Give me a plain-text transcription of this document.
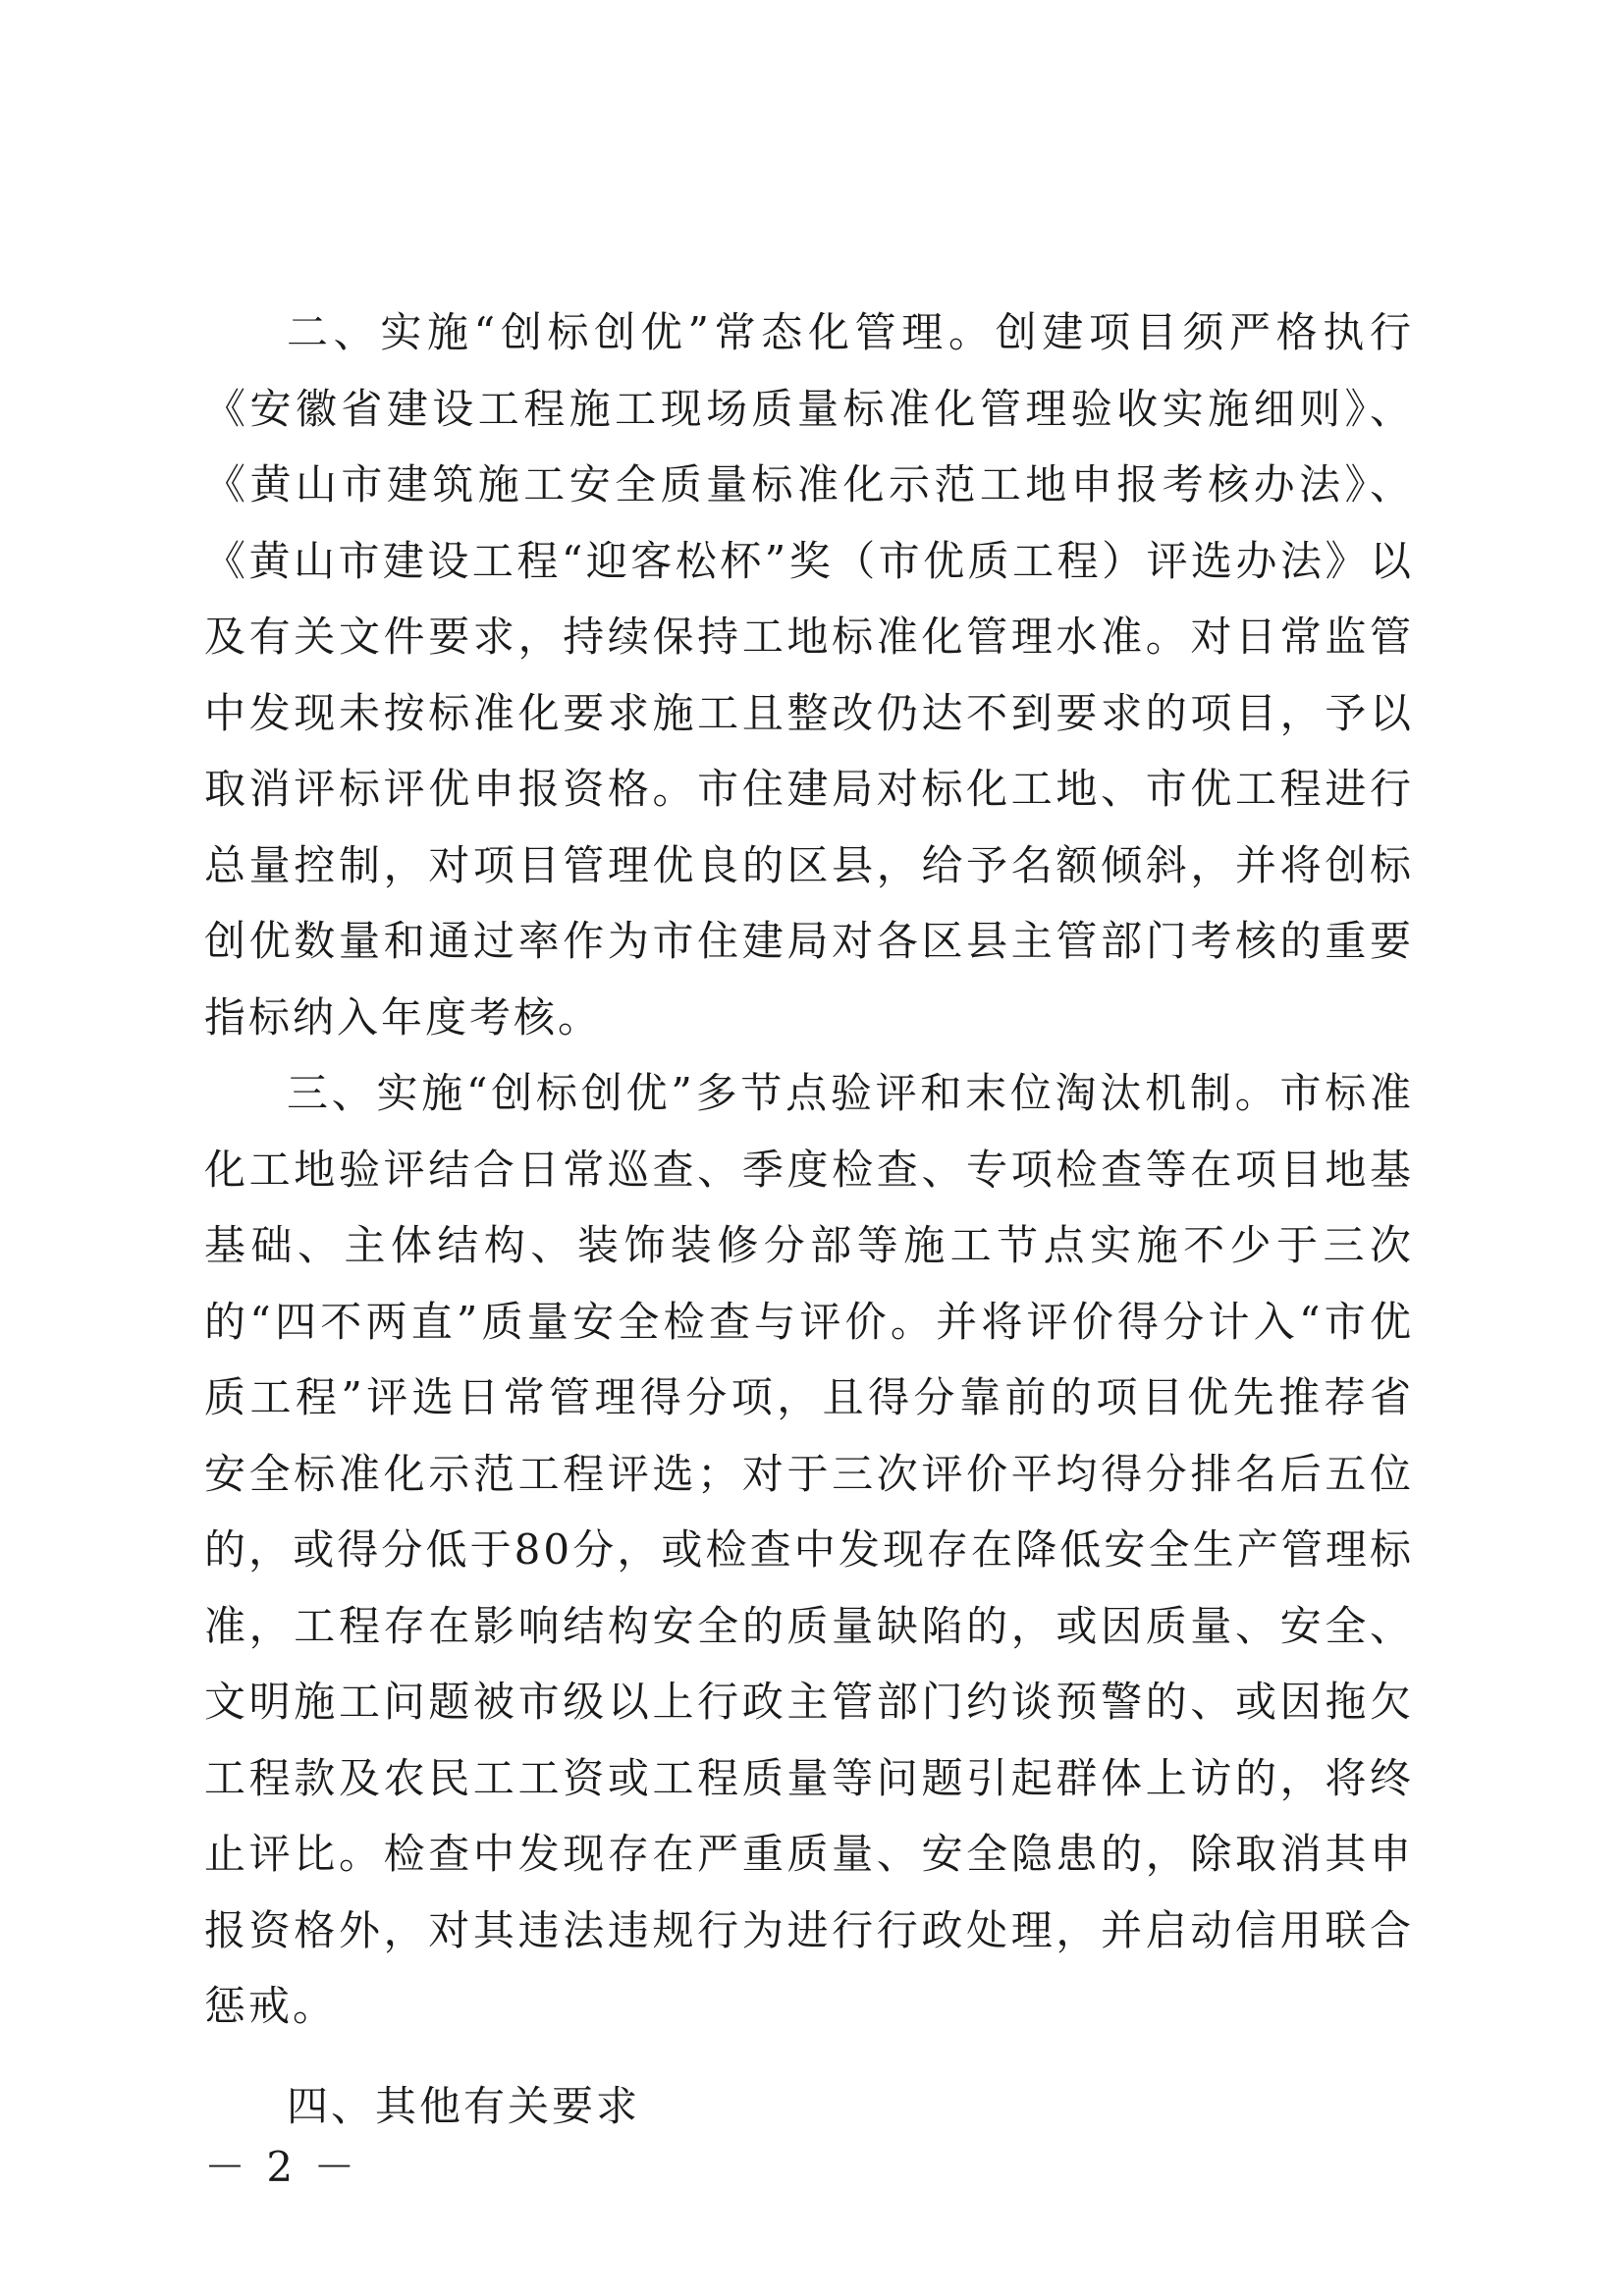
二、实施“创标创优”常态化管理。创建项目须严格执行《安徽省建设工程施工现场质量标准化管理验收实施细则》、《黄山市建筑施工安全质量标准化示范工地申报考核办法》、《黄山市建设工程“迎客松杯”奖（市优质工程）评选办法》以及有关文件要求，持续保持工地标准化管理水准。对日常监管中发现未按标准化要求施工且整改仍达不到要求的项目，予以取消评标评优申报资格。市住建局对标化工地、市优工程进行总量控制，对项目管理优良的区县，给予名额倾斜，并将创标创优数量和通过率作为市住建局对各区县主管部门考核的重要指标纳入年度考核。

三、实施“创标创优”多节点验评和末位淘汰机制。市标准化工地验评结合日常巡查、季度检查、专项检查等在项目地基基础、主体结构、装饰装修分部等施工节点实施不少于三次的“四不两直”质量安全检查与评价。并将评价得分计入“市优质工程”评选日常管理得分项，且得分靠前的项目优先推荐省安全标准化示范工程评选；对于三次评价平均得分排名后五位的，或得分低于80分，或检查中发现存在降低安全生产管理标准，工程存在影响结构安全的质量缺陷的，或因质量、安全、文明施工问题被市级以上行政主管部门约谈预警的、或因拖欠工程款及农民工工资或工程质量等问题引起群体上访的，将终止评比。检查中发现存在严重质量、安全隐患的，除取消其申报资格外，对其违法违规行为进行行政处理，并启动信用联合惩戒。

四、其他有关要求

－ 2 －
